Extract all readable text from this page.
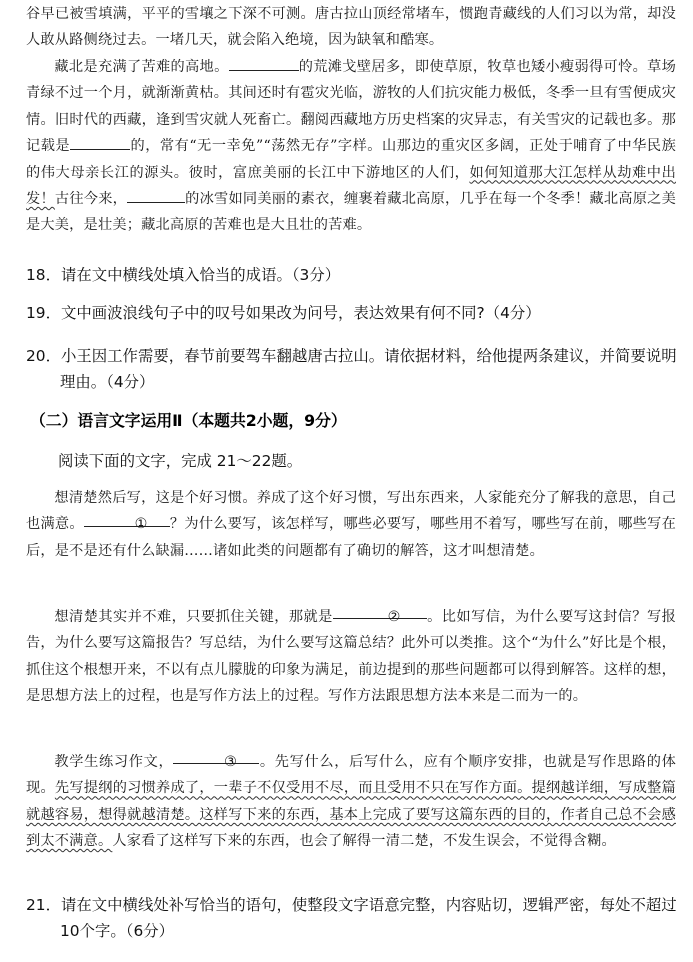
谷早已被雪填满，平平的雪壤之下深不可测。唐古拉山顶经常堵车，惯跑青藏线的人们习以为常，却没人敢从路侧绕过去。一堵几天，就会陷入绝境，因为缺氧和酷寒。

藏北是充满了苦难的高地。	的荒滩戈壁居多，即使草原，牧草也矮小瘦弱得可怜。草场青绿不过一个月，就渐渐黄枯。其间还时有雹灾光临，游牧的人们抗灾能力极低，冬季一旦有雪便成灾情。旧时代的西藏，逢到雪灾就人死畜亡。翻阅西藏地方历史档案的灾异志，有关雪灾的记载也多。那记载是	的，常有“无一幸免”“荡然无存”字样。山那边的重灾区多阔，正处于哺育了中华民族的伟大母亲长江的源头。彼时，富庶美丽的长江中下游地区的人们，如何知道那大江怎样从劫难中出发！古往今来，	的冰雪如同美丽的素衣，缠裹着藏北高原，几乎在每一个冬季！藏北高原之美是大美，是壮美；藏北高原的苦难也是大且壮的苦难。

18．请在文中横线处填入恰当的成语。（3分）

19．文中画波浪线句子中的叹号如果改为问号，表达效果有何不同?（4分）

20．小王因工作需要，春节前要驾车翻越唐古拉山。请依据材料，给他提两条建议，并简要说明理由。（4分）

（二）语言文字运用Ⅱ（本题共2小题，9分）

阅读下面的文字，完成 21～22题。

想清楚然后写，这是个好习惯。养成了这个好习惯，写出东西来，人家能充分了解我的意思，自己也满意。	① ？为什么要写，该怎样写，哪些必要写，哪些用不着写，哪些写在前，哪些写在后，是不是还有什么缺漏……诸如此类的问题都有了确切的解答，这才叫想清楚。

想清楚其实并不难，只要抓住关键，那就是	② 。比如写信，为什么要写这封信？写报告，为什么要写这篇报告？写总结，为什么要写这篇总结？此外可以类推。这个“为什么”好比是个根，抓住这个根想开来，不以有点儿朦胧的印象为满足，前边提到的那些问题都可以得到解答。这样的想，是思想方法上的过程，也是写作方法上的过程。写作方法跟思想方法本来是二而为一的。

教学生练习作文，	③ 。先写什么，后写什么，应有个顺序安排，也就是写作思路的体现。先写提纲的习惯养成了，一辈子不仅受用不尽，而且受用不只在写作方面。提纲越详细，写成整篇就越容易，想得就越清楚。这样写下来的东西，基本上完成了要写这篇东西的目的，作者自己总不会感到太不满意。人家看了这样写下来的东西，也会了解得一清二楚，不发生误会，不觉得含糊。

21．请在文中横线处补写恰当的语句，使整段文字语意完整，内容贴切，逻辑严密，每处不超过 10个字。（6分）
